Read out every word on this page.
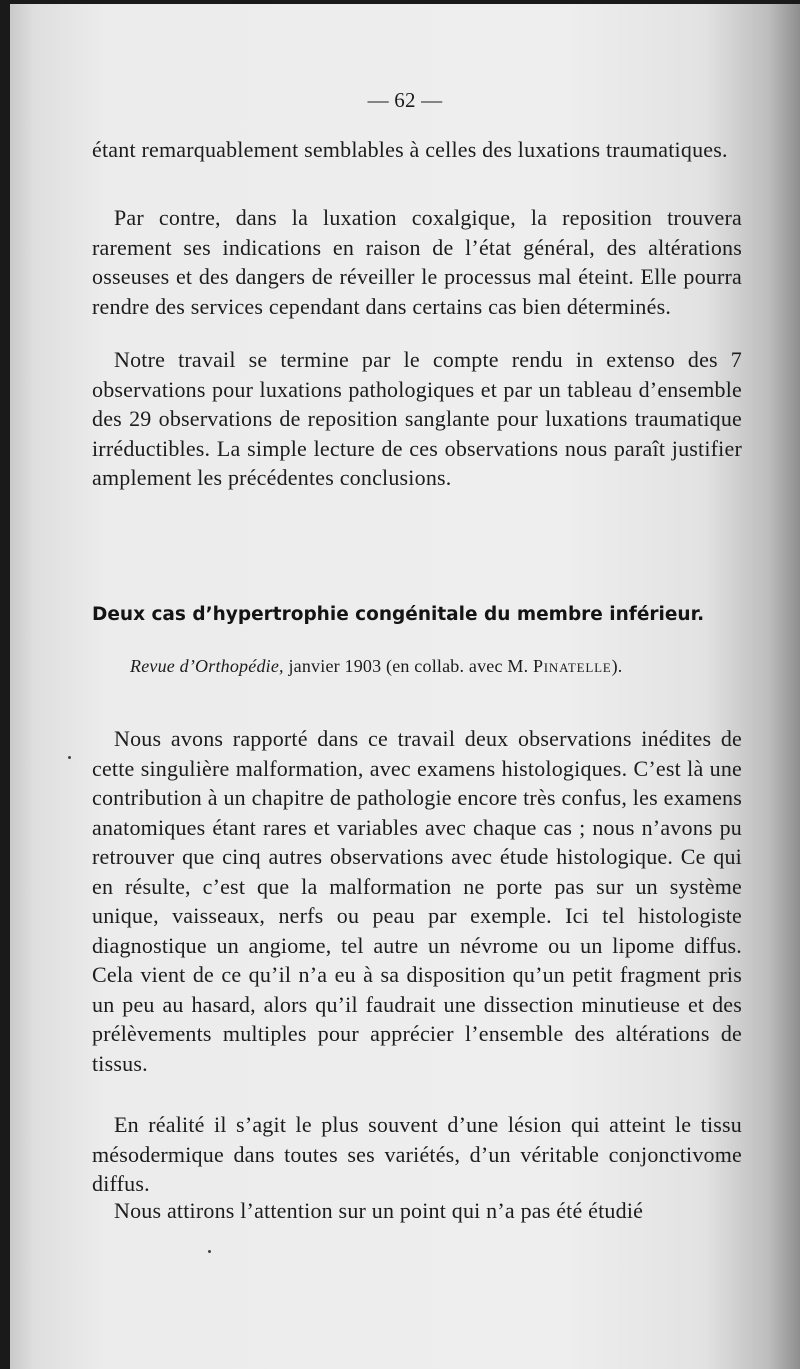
— 62 —

étant remarquablement semblables à celles des luxations traumatiques.

Par contre, dans la luxation coxalgique, la reposition trouvera rarement ses indications en raison de l’état général, des altérations osseuses et des dangers de réveiller le processus mal éteint. Elle pourra rendre des services cependant dans certains cas bien déterminés.

Notre travail se termine par le compte rendu in extenso des 7 observations pour luxations pathologiques et par un tableau d’ensemble des 29 observations de reposition sanglante pour luxations traumatique irréductibles. La simple lecture de ces observations nous paraît justifier amplement les précédentes conclusions.

Deux cas d’hypertrophie congénitale du membre inférieur.
Revue d’Orthopédie, janvier 1903 (en collab. avec M. Pinatelle).

Nous avons rapporté dans ce travail deux observations inédites de cette singulière malformation, avec examens histologiques. C’est là une contribution à un chapitre de pathologie encore très confus, les examens anatomiques étant rares et variables avec chaque cas ; nous n’avons pu retrouver que cinq autres observations avec étude histologique. Ce qui en résulte, c’est que la malformation ne porte pas sur un système unique, vaisseaux, nerfs ou peau par exemple. Ici tel histologiste diagnostique un angiome, tel autre un névrome ou un lipome diffus. Cela vient de ce qu’il n’a eu à sa disposition qu’un petit fragment pris un peu au hasard, alors qu’il faudrait une dissection minutieuse et des prélèvements multiples pour apprécier l’ensemble des altérations de tissus.

En réalité il s’agit le plus souvent d’une lésion qui atteint le tissu mésodermique dans toutes ses variétés, d’un véritable conjonctivome diffus.

Nous attirons l’attention sur un point qui n’a pas été étudié
